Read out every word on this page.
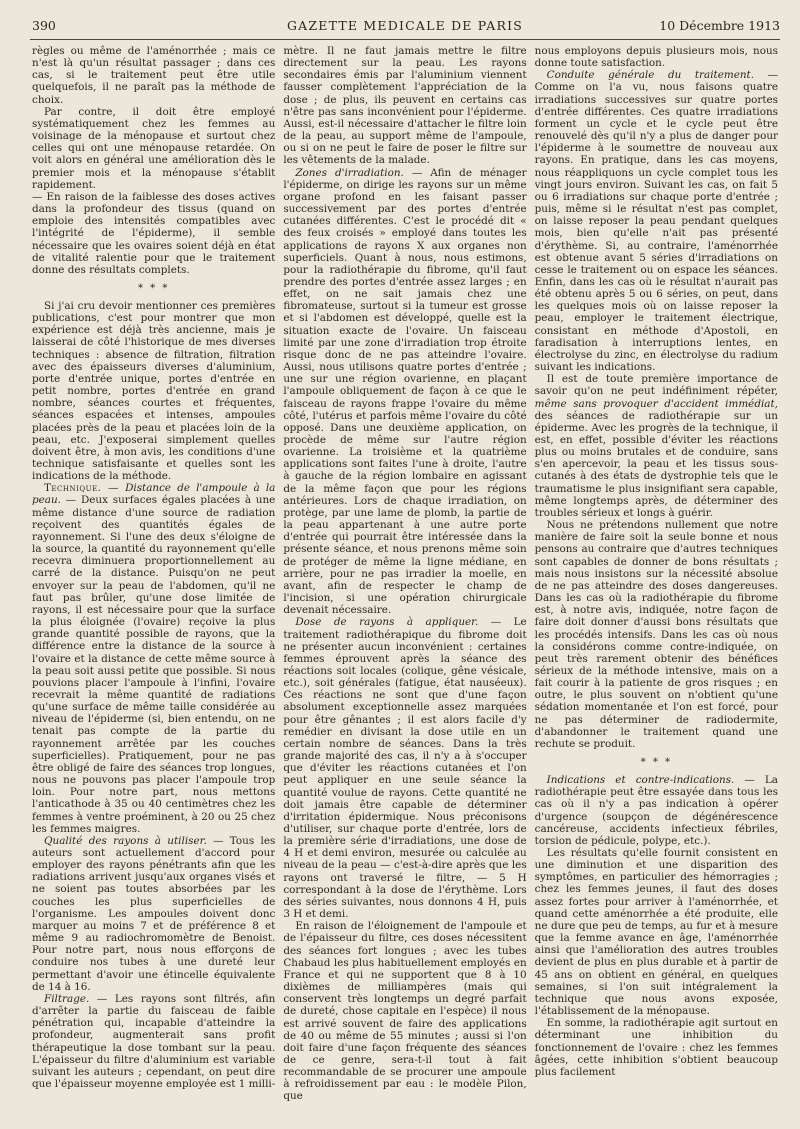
390	GAZETTE MEDICALE DE PARIS	10 Décembre 1913

règles ou même de l'aménorrhée ; mais ce n'est là qu'un résultat passager ; dans ces cas, si le traitement peut être utile quelquefois, il ne paraît pas la méthode de choix.

Par contre, il doit être employé systématiquement chez les femmes au voisinage de la ménopause et surtout chez celles qui ont une ménopause retardée. On voit alors en général une amélioration dès le premier mois et la ménopause s'établit rapidement.

— En raison de la faiblesse des doses actives dans la profondeur des tissus (quand on emploie des intensités compatibles avec l'intégrité de l'épiderme), il semble nécessaire que les ovaires soient déjà en état de vitalité ralentie pour que le traitement donne des résultats complets.

* * *

Si j'ai cru devoir mentionner ces premières publications, c'est pour montrer que mon expérience est déjà très ancienne, mais je laisserai de côté l'historique de mes diverses techniques : absence de filtration, filtration avec des épaisseurs diverses d'aluminium, porte d'entrée unique, portes d'entrée en petit nombre, portes d'entrée en grand nombre, séances courtes et fréquentes, séances espacées et intenses, ampoules placées près de la peau et placées loin de la peau, etc. J'exposerai simplement quelles doivent être, à mon avis, les conditions d'une technique satisfaisante et quelles sont les indications de la méthode.

Technique. — Distance de l'ampoule à la peau. — Deux surfaces égales placées à une même distance d'une source de radiation reçoivent des quantités égales de rayonnement. Si l'une des deux s'éloigne de la source, la quantité du rayonnement qu'elle recevra diminuera proportionnellement au carré de la distance. Puisqu'on ne peut envoyer sur la peau de l'abdomen, qu'il ne faut pas brûler, qu'une dose limitée de rayons, il est nécessaire pour que la surface la plus éloignée (l'ovaire) reçoive la plus grande quantité possible de rayons, que la différence entre la distance de la source à l'ovaire et la distance de cette même source à la peau soit aussi petite que possible. Si nous pouvions placer l'ampoule à l'infini, l'ovaire recevrait la même quantité de radiations qu'une surface de même taille considérée au niveau de l'épiderme (si, bien entendu, on ne tenait pas compte de la partie du rayonnement arrêtée par les couches superficielles). Pratiquement, pour ne pas être obligé de faire des séances trop longues, nous ne pouvons pas placer l'ampoule trop loin. Pour notre part, nous mettons l'anticathode à 35 ou 40 centimètres chez les femmes à ventre proéminent, à 20 ou 25 chez les femmes maigres.

Qualité des rayons à utiliser. — Tous les auteurs sont actuellement d'accord pour employer des rayons pénétrants afin que les radiations arrivent jusqu'aux organes visés et ne soient pas toutes absorbées par les couches les plus superficielles de l'organisme. Les ampoules doivent donc marquer au moins 7 et de préférence 8 et même 9 au radiochromomètre de Benoist. Pour notre part, nous nous efforçons de conduire nos tubes à une dureté leur permettant d'avoir une étincelle équivalente de 14 à 16.

Filtrage. — Les rayons sont filtrés, afin d'arrêter la partie du faisceau de faible pénétration qui, incapable d'atteindre la profondeur, augmenterait sans profit thérapeutique la dose tombant sur la peau. L'épaisseur du filtre d'aluminium est variable suivant les auteurs ; cependant, on peut dire que l'épaisseur moyenne employée est 1 milli-

mètre. Il ne faut jamais mettre le filtre directement sur la peau. Les rayons secondaires émis par l'aluminium viennent fausser complètement l'appréciation de la dose ; de plus, ils peuvent en certains cas n'être pas sans inconvénient pour l'épiderme. Aussi, est-il nécessaire d'attacher le filtre loin de la peau, au support même de l'ampoule, ou si on ne peut le faire de poser le filtre sur les vêtements de la malade.

Zones d'irradiation. — Afin de ménager l'épiderme, on dirige les rayons sur un même organe profond en les faisant passer successivement par des portes d'entrée cutanées différentes. C'est le procédé dit « des feux croisés » employé dans toutes les applications de rayons X aux organes non superficiels. Quant à nous, nous estimons, pour la radiothérapie du fibrome, qu'il faut prendre des portes d'entrée assez larges ; en effet, on ne sait jamais chez une fibromateuse, surtout si la tumeur est grosse et si l'abdomen est développé, quelle est la situation exacte de l'ovaire. Un faisceau limité par une zone d'irradiation trop étroite risque donc de ne pas atteindre l'ovaire. Aussi, nous utilisons quatre portes d'entrée ; une sur une région ovarienne, en plaçant l'ampoule obliquement de façon à ce que le faisceau de rayons frappe l'ovaire du même côté, l'utérus et parfois même l'ovaire du côté opposé. Dans une deuxième application, on procède de même sur l'autre région ovarienne. La troisième et la quatrième applications sont faites l'une à droite, l'autre à gauche de la région lombaire en agissant de la même façon que pour les régions antérieures. Lors de chaque irradiation, on protège, par une lame de plomb, la partie de la peau appartenant à une autre porte d'entrée qui pourrait être intéressée dans la présente séance, et nous prenons même soin de protéger de même la ligne médiane, en arrière, pour ne pas irradier la moelle, en avant, afin de respecter le champ de l'incision, si une opération chirurgicale devenait nécessaire.

Dose de rayons à appliquer. — Le traitement radiothérapique du fibrome doit ne présenter aucun inconvénient : certaines femmes éprouvent après la séance des réactions soit locales (colique, gêne vésicale, etc.), soit générales (fatigue, état nauséeux). Ces réactions ne sont que d'une façon absolument exceptionnelle assez marquées pour être gênantes ; il est alors facile d'y remédier en divisant la dose utile en un certain nombre de séances. Dans la très grande majorité des cas, il n'y a à s'occuper que d'éviter les réactions cutanées et l'on peut appliquer en une seule séance la quantité voulue de rayons. Cette quantité ne doit jamais être capable de déterminer d'irritation épidermique. Nous préconisons d'utiliser, sur chaque porte d'entrée, lors de la première série d'irradiations, une dose de 4 H et demi environ, mesurée ou calculée au niveau de la peau — c'est-à-dire après que les rayons ont traversé le filtre, — 5 H correspondant à la dose de l'érythème. Lors des séries suivantes, nous donnons 4 H, puis 3 H et demi.

En raison de l'éloignement de l'ampoule et de l'épaisseur du filtre, ces doses nécessitent des séances fort longues ; avec les tubes Chabaud les plus habituellement employés en France et qui ne supportent que 8 à 10 dixièmes de milliampères (mais qui conservent très longtemps un degré parfait de dureté, chose capitale en l'espèce) il nous est arrivé souvent de faire des applications de 40 ou même de 55 minutes ; aussi si l'on doit faire d'une façon fréquente des séances de ce genre, sera-t-il tout à fait recommandable de se procurer une ampoule à refroidissement par eau : le modèle Pilon, que

nous employons depuis plusieurs mois, nous donne toute satisfaction.

Conduite générale du traitement. — Comme on l'a vu, nous faisons quatre irradiations successives sur quatre portes d'entrée différentes. Ces quatre irradiations forment un cycle et le cycle peut être renouvelé dès qu'il n'y a plus de danger pour l'épiderme à le soumettre de nouveau aux rayons. En pratique, dans les cas moyens, nous réappliquons un cycle complet tous les vingt jours environ. Suivant les cas, on fait 5 ou 6 irradiations sur chaque porte d'entrée ; puis, même si le résultat n'est pas complet, on laisse reposer la peau pendant quelques mois, bien qu'elle n'ait pas présenté d'érythème. Si, au contraire, l'aménorrhée est obtenue avant 5 séries d'irradiations on cesse le traitement ou on espace les séances. Enfin, dans les cas où le résultat n'aurait pas été obtenu après 5 ou 6 séries, on peut, dans les quelques mois où on laisse reposer la peau, employer le traitement électrique, consistant en méthode d'Apostoli, en faradisation à interruptions lentes, en électrolyse du zinc, en électrolyse du radium suivant les indications.

Il est de toute première importance de savoir qu'on ne peut indéfiniment répéter, même sans provoquer d'accident immédiat, des séances de radiothérapie sur un épiderme. Avec les progrès de la technique, il est, en effet, possible d'éviter les réactions plus ou moins brutales et de conduire, sans s'en apercevoir, la peau et les tissus sous-cutanés à des états de dystrophie tels que le traumatisme le plus insignifiant sera capable, même longtemps après, de déterminer des troubles sérieux et longs à guérir.

Nous ne prétendons nullement que notre manière de faire soit la seule bonne et nous pensons au contraire que d'autres techniques sont capables de donner de bons résultats ; mais nous insistons sur la nécessité absolue de ne pas atteindre des doses dangereuses. Dans les cas où la radiothérapie du fibrome est, à notre avis, indiquée, notre façon de faire doit donner d'aussi bons résultats que les procédés intensifs. Dans les cas où nous la considérons comme contre-indiquée, on peut très rarement obtenir des bénéfices sérieux de la méthode intensive, mais on a fait courir à la patiente de gros risques ; en outre, le plus souvent on n'obtient qu'une sédation momentanée et l'on est forcé, pour ne pas déterminer de radiodermite, d'abandonner le traitement quand une rechute se produit.

* * *

Indications et contre-indications. — La radiothérapie peut être essayée dans tous les cas où il n'y a pas indication à opérer d'urgence (soupçon de dégénérescence cancéreuse, accidents infectieux fébriles, torsion de pédicule, polype, etc.).

Les résultats qu'elle fournit consistent en une diminution et une disparition des symptômes, en particulier des hémorragies ; chez les femmes jeunes, il faut des doses assez fortes pour arriver à l'aménorrhée, et quand cette aménorrhée a été produite, elle ne dure que peu de temps, au fur et à mesure que la femme avance en âge, l'aménorrhée ainsi que l'amélioration des autres troubles devient de plus en plus durable et à partir de 45 ans on obtient en général, en quelques semaines, si l'on suit intégralement la technique que nous avons exposée, l'établissement de la ménopause.

En somme, la radiothérapie agit surtout en déterminant une inhibition du fonctionnement de l'ovaire : chez les femmes âgées, cette inhibition s'obtient beaucoup plus facilement
